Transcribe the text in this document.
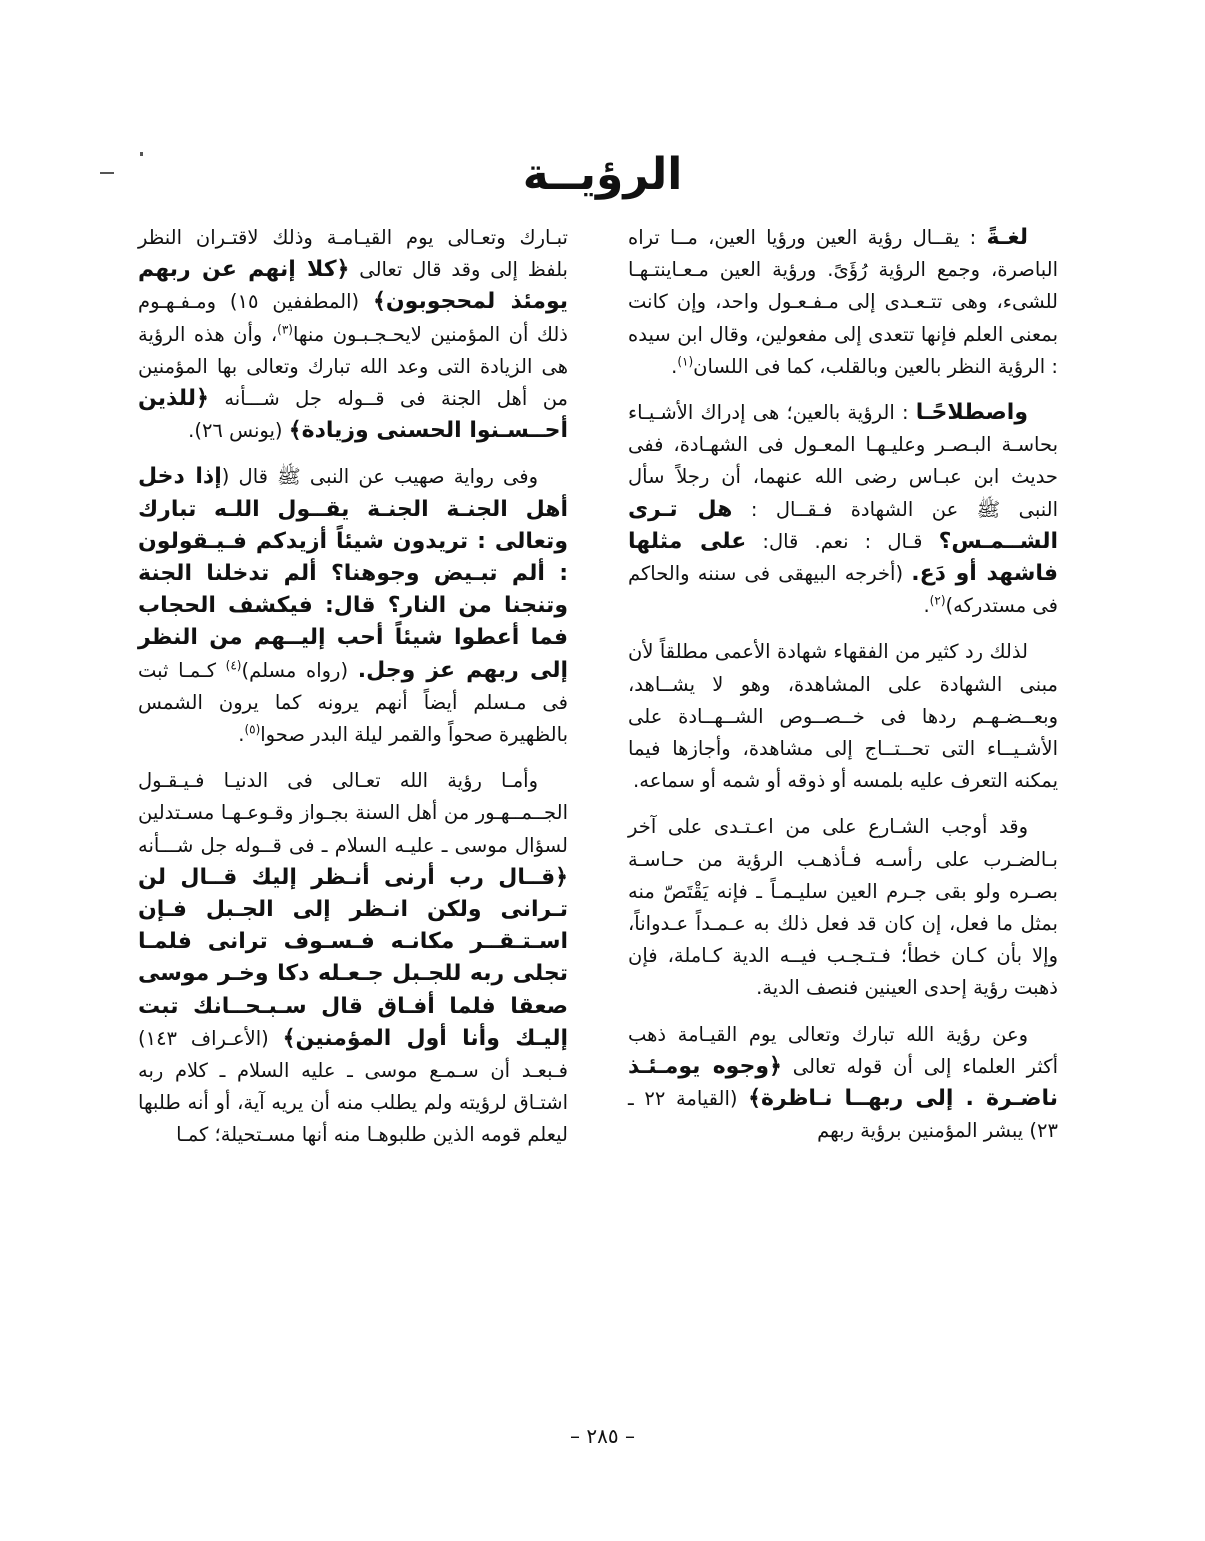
الرؤيــة

لغـةً : يقــال رؤية العين ورؤيا العين، مــا تراه الباصرة، وجمع الرؤية رُؤَىً. ورؤية العين مـعـاينتـهـا للشىء، وهى تتـعـدى إلى مـفـعـول واحد، وإن كانت بمعنى العلم فإنها تتعدى إلى مفعولين، وقال ابن سيده : الرؤية النظر بالعين وبالقلب، كما فى اللسان$^{(١)}$.

واصطلاحًـا : الرؤية بالعين؛ هى إدراك الأشـيـاء بحاسـة البـصـر وعليـهـا المعـول فى الشهـادة، ففى حديث ابن عبـاس رضى الله عنهما، أن رجلاً سأل النبى ﷺ عن الشهادة فـقــال : هل تـرى الشــمـس؟ قـال : نعم. قال: على مثلها فاشهد أو دَع. (أخرجه البيهقى فى سننه والحاكم فى مستدركه)$^{(٢)}$.

لذلك رد كثير من الفقهاء شهادة الأعمى مطلقاً لأن مبنى الشهادة على المشاهدة، وهو لا يشــاهد، وبعــضـهـم ردها فى خــصــوص الشــهــادة على الأشـيــاء التى تحــتــاج إلى مشاهدة، وأجازها فيما يمكنه التعرف عليه بلمسه أو ذوقه أو شمه أو سماعه.

وقد أوجب الشـارع على من اعـتـدى على آخر بـالضـرب على رأسـه فـأذهـب الرؤية من حـاسـة بصـره ولو بقى جـرم العين سليـمـاً ـ فإنه يَقْتَصّ منه بمثل ما فعل، إن كان قد فعل ذلك به عـمـداً عـدواناً، وإلا بأن كـان خطأ؛ فـتـجـب فيــه الدية كـاملة، فإن ذهبت رؤية إحدى العينين فنصف الدية.

وعن رؤية الله تبارك وتعالى يوم القيـامة ذهب أكثر العلماء إلى أن قوله تعالى ﴿وجوه يومـئـذ ناضـرة . إلى ربهــا نـاظرة﴾ (القيامة ٢٢ ـ ٢٣) يبشر المؤمنين برؤية ربهم

تبـارك وتعـالى يوم القيـامـة وذلك لاقتـران النظر بلفظ إلى وقد قال تعالى ﴿كلا إنهم عن ربهم يومئذ لمحجوبون﴾ (المطففين ١٥) ومـفـهـوم ذلك أن المؤمنين لايحـجـبـون منها$^{(٣)}$، وأن هذه الرؤية هى الزيادة التى وعد الله تبارك وتعالى بها المؤمنين من أهل الجنة فى قــوله جل شـــأنه ﴿للذين أحــسـنوا الحسنى وزيادة﴾ (يونس ٢٦).

وفى رواية صهيب عن النبى ﷺ قال (إذا دخل أهل الجنـة الجنـة يقــول اللـه تبارك وتعالى : تريدون شيئاً أزيدكم فـيـقولون : ألم تبـيض وجوهنا؟ ألم تدخلنا الجنة وتنجنا من النار؟ قال: فيكشف الحجاب فما أعطوا شيئاً أحب إليــهم من النظر إلى ربهم عز وجل. (رواه مسلم)$^{(٤)}$ كـمـا ثبت فى مـسلم أيضاً أنهم يرونه كما يرون الشمس بالظهيرة صحواً والقمر ليلة البدر صحوا$^{(٥)}$.

وأمـا رؤية الله تعـالى فى الدنيـا فـيـقـول الجــمــهـور من أهل السنة بجـواز وقـوعـهـا مسـتدلين لسؤال موسى ـ عليـه السلام ـ فى قــوله جل شـــأنه ﴿قــال رب أرنى أنـظر إليك قــال لن تـرانى ولكن انـظر إلى الجـبل فـإن اسـتـقــر مكانـه فـسـوف ترانى فلمـا تجلى ربه للجـبل جـعـله دكا وخـر موسى صعقا فلما أفـاق قال سـبـحــانك تبت إليـك وأنا أول المؤمنين﴾ (الأعـراف ١٤٣) فـبعـد أن سـمـع موسى ـ عليه السلام ـ كلام ربه اشتـاق لرؤيته ولم يطلب منه أن يريه آية، أو أنه طلبها ليعلم قومه الذين طلبوهـا منه أنها مسـتحيلة؛ كمـا

– ٢٨٥ –
